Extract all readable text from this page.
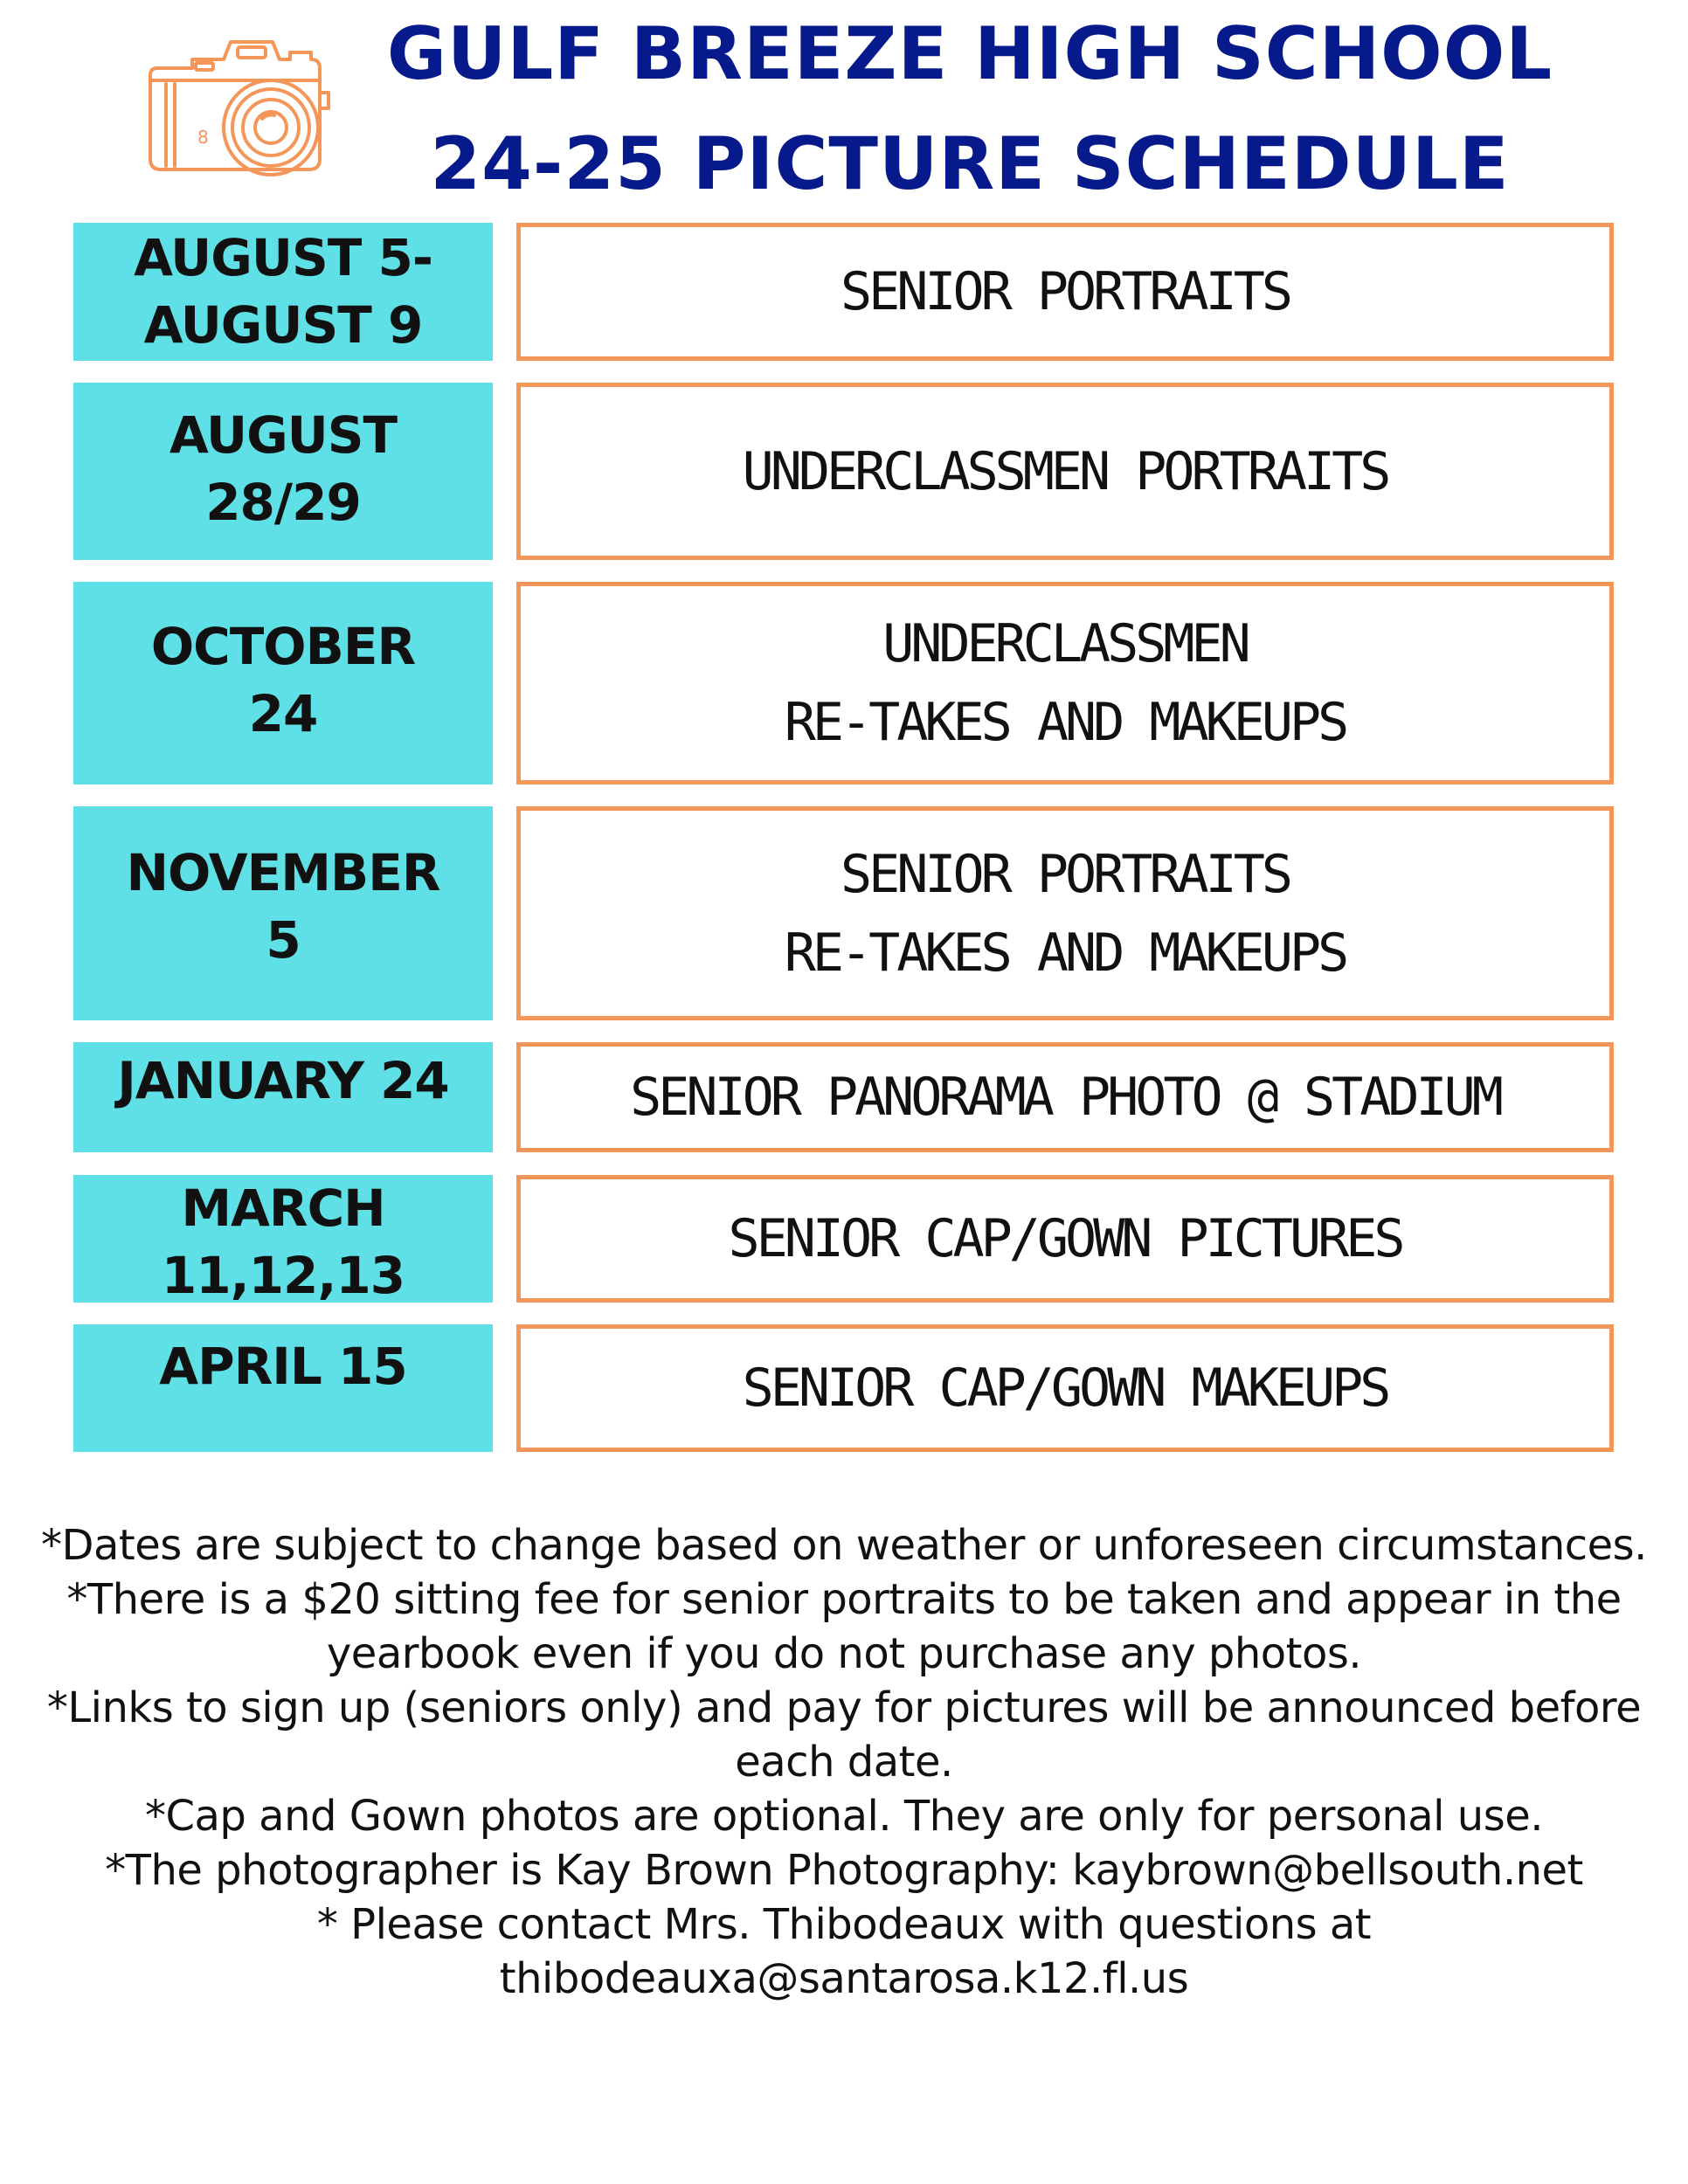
8
GULF BREEZE HIGH SCHOOL
24-25 PICTURE SCHEDULE
AUGUST 5-
AUGUST 9
SENIOR PORTRAITS
AUGUST
28/29
UNDERCLASSMEN PORTRAITS
OCTOBER
24
UNDERCLASSMEN
RE-TAKES AND MAKEUPS
NOVEMBER
5
SENIOR PORTRAITS
RE-TAKES AND MAKEUPS
JANUARY 24	SENIOR PANORAMA PHOTO @ STADIUM
MARCH
11,12,13
SENIOR CAP/GOWN PICTURES
APRIL 15	SENIOR CAP/GOWN MAKEUPS
*Dates are subject to change based on weather or unforeseen circumstances.
*There is a $20 sitting fee for senior portraits to be taken and appear in the yearbook even if you do not purchase any photos.
*Links to sign up (seniors only) and pay for pictures will be announced before each date.
*Cap and Gown photos are optional. They are only for personal use.
*The photographer is Kay Brown Photography: kaybrown@bellsouth.net
* Please contact Mrs. Thibodeaux with questions at thibodeauxa@santarosa.k12.fl.us
